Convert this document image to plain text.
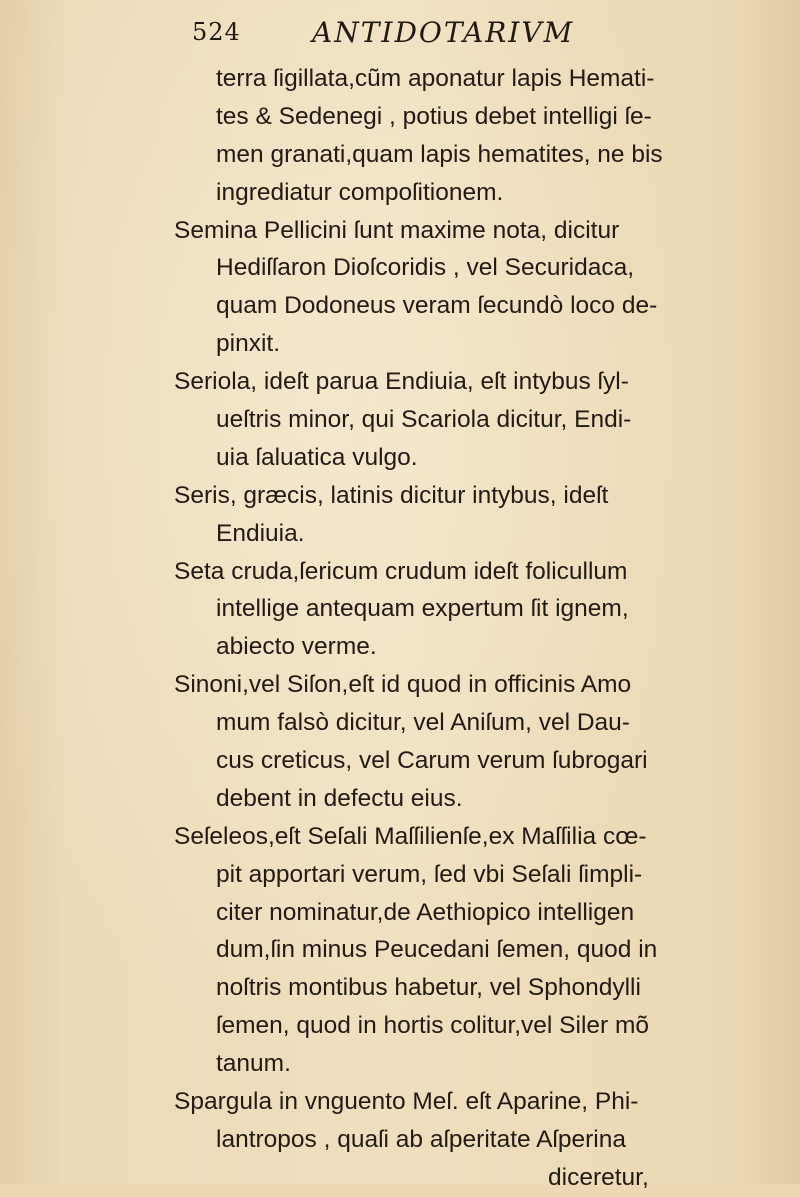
524	ANTIDOTARIVM
terra ſigillata,cũm aponatur lapis Hemati-
tes & Sedenegi , potius debet intelligi ſe-
men granati,quam lapis hematites, ne bis
ingrediatur compoſitionem.
Semina Pellicini ſunt maxime nota, dicitur
Hediſſaron Dioſcoridis , vel Securidaca,
quam Dodoneus veram ſecundò loco de-
pinxit.
Seriola, ideſt parua Endiuia, eſt intybus ſyl-
ueſtris minor, qui Scariola dicitur, Endi-
uia ſaluatica vulgo.
Seris, græcis, latinis dicitur intybus, ideſt
Endiuia.
Seta cruda,ſericum crudum ideſt folicullum
intellige antequam expertum ſit ignem,
abiecto verme.
Sinoni,vel Siſon,eſt id quod in officinis Amo
mum falsò dicitur, vel Aniſum, vel Dau-
cus creticus, vel Carum verum ſubrogari
debent in defectu eius.
Seſeleos,eſt Seſali Maſſilienſe,ex Maſſilia cœ-
pit apportari verum, ſed vbi Seſali ſimpli-
citer nominatur,de Aethiopico intelligen
dum,ſin minus Peucedani ſemen, quod in
noſtris montibus habetur, vel Sphondylli
ſemen, quod in hortis colitur,vel Siler mõ
tanum.
Spargula in vnguento Meſ. eſt Aparine, Phi-
lantropos , quaſi ab aſperitate Aſperina
diceretur,
